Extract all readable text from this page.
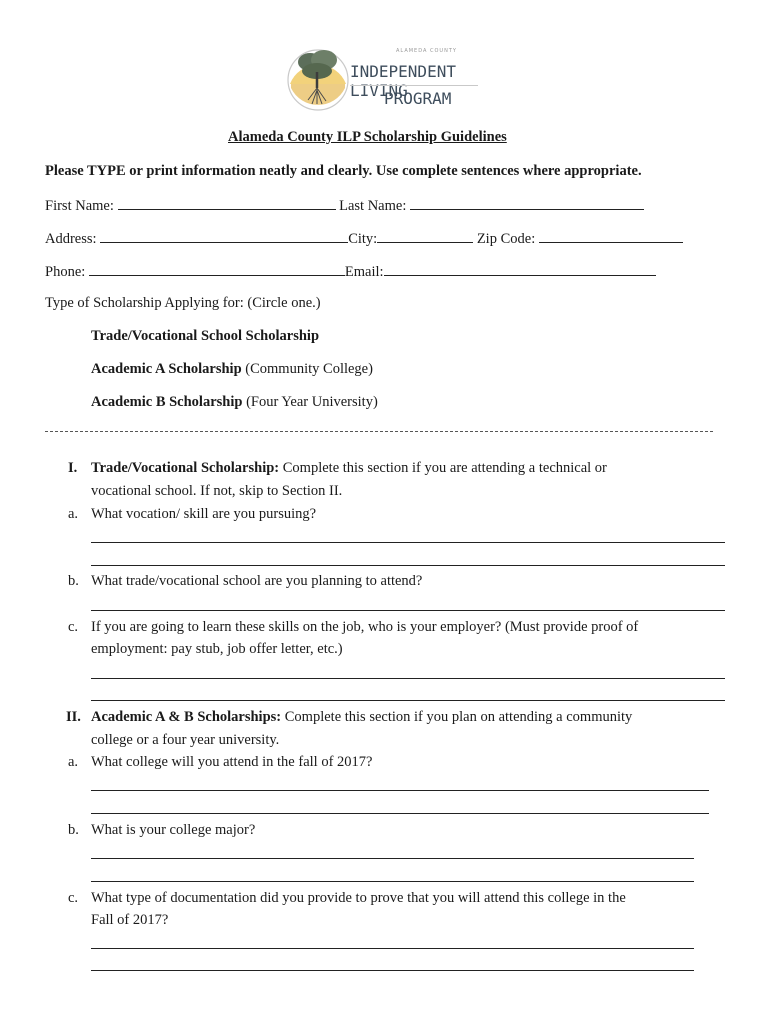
ALAMEDA COUNTY
INDEPENDENT LIVING
PROGRAM
Alameda County ILP Scholarship Guidelines
Please TYPE or print information neatly and clearly. Use complete sentences where appropriate.
First Name:	Last Name:
Address:	City:	Zip Code:
Phone:	Email:
Type of Scholarship Applying for: (Circle one.)
Trade/Vocational School Scholarship
Academic A Scholarship (Community College)
Academic B Scholarship (Four Year University)
I. Trade/Vocational Scholarship: Complete this section if you are attending a technical or
vocational school. If not, skip to Section II.
a. What vocation/ skill are you pursuing?
b. What trade/vocational school are you planning to attend?
c. If you are going to learn these skills on the job, who is your employer? (Must provide proof of
employment: pay stub, job offer letter, etc.)
II. Academic A & B Scholarships: Complete this section if you plan on attending a community
college or a four year university.
a. What college will you attend in the fall of 2017?
b. What is your college major?
c. What type of documentation did you provide to prove that you will attend this college in the
Fall of 2017?
